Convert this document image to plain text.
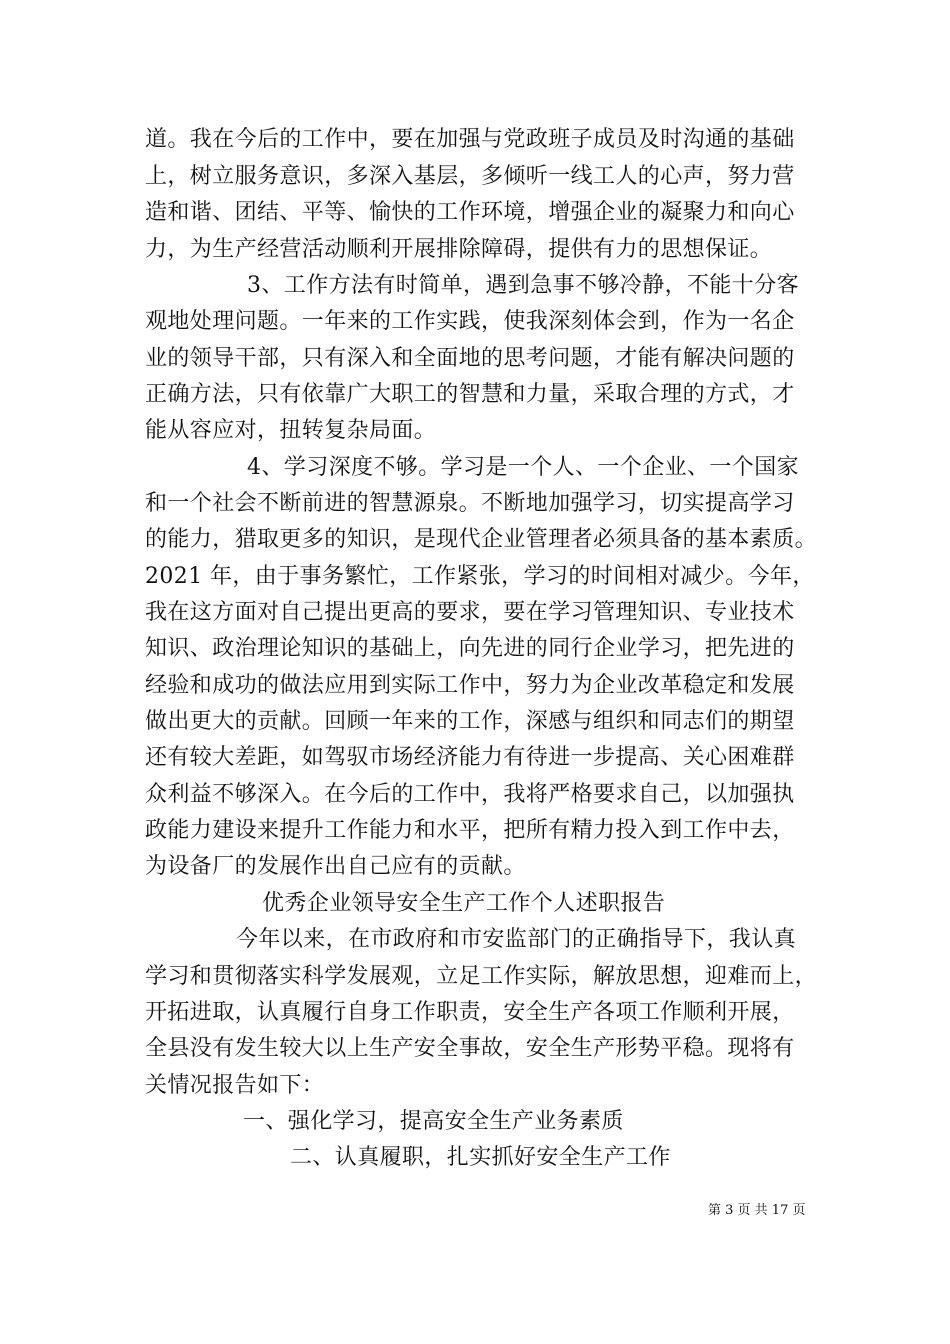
道。我在今后的工作中，要在加强与党政班子成员及时沟通的基础
上，树立服务意识，多深入基层，多倾听一线工人的心声，努力营
造和谐、团结、平等、愉快的工作环境，增强企业的凝聚力和向心
力，为生产经营活动顺利开展排除障碍，提供有力的思想保证。
3、工作方法有时简单，遇到急事不够冷静，不能十分客
观地处理问题。一年来的工作实践，使我深刻体会到，作为一名企
业的领导干部，只有深入和全面地的思考问题，才能有解决问题的
正确方法，只有依靠广大职工的智慧和力量，采取合理的方式，才
能从容应对，扭转复杂局面。
4、学习深度不够。学习是一个人、一个企业、一个国家
和一个社会不断前进的智慧源泉。不断地加强学习，切实提高学习
的能力，猎取更多的知识，是现代企业管理者必须具备的基本素质。
2021 年，由于事务繁忙，工作紧张，学习的时间相对减少。今年，
我在这方面对自己提出更高的要求，要在学习管理知识、专业技术
知识、政治理论知识的基础上，向先进的同行企业学习，把先进的
经验和成功的做法应用到实际工作中，努力为企业改革稳定和发展
做出更大的贡献。回顾一年来的工作，深感与组织和同志们的期望
还有较大差距，如驾驭市场经济能力有待进一步提高、关心困难群
众利益不够深入。在今后的工作中，我将严格要求自己，以加强执
政能力建设来提升工作能力和水平，把所有精力投入到工作中去，
为设备厂的发展作出自己应有的贡献。
优秀企业领导安全生产工作个人述职报告
今年以来，在市政府和市安监部门的正确指导下，我认真
学习和贯彻落实科学发展观，立足工作实际，解放思想，迎难而上，
开拓进取，认真履行自身工作职责，安全生产各项工作顺利开展，
全县没有发生较大以上生产安全事故，安全生产形势平稳。现将有
关情况报告如下：
一、强化学习，提高安全生产业务素质
二、认真履职，扎实抓好安全生产工作
第 3 页 共 17 页
